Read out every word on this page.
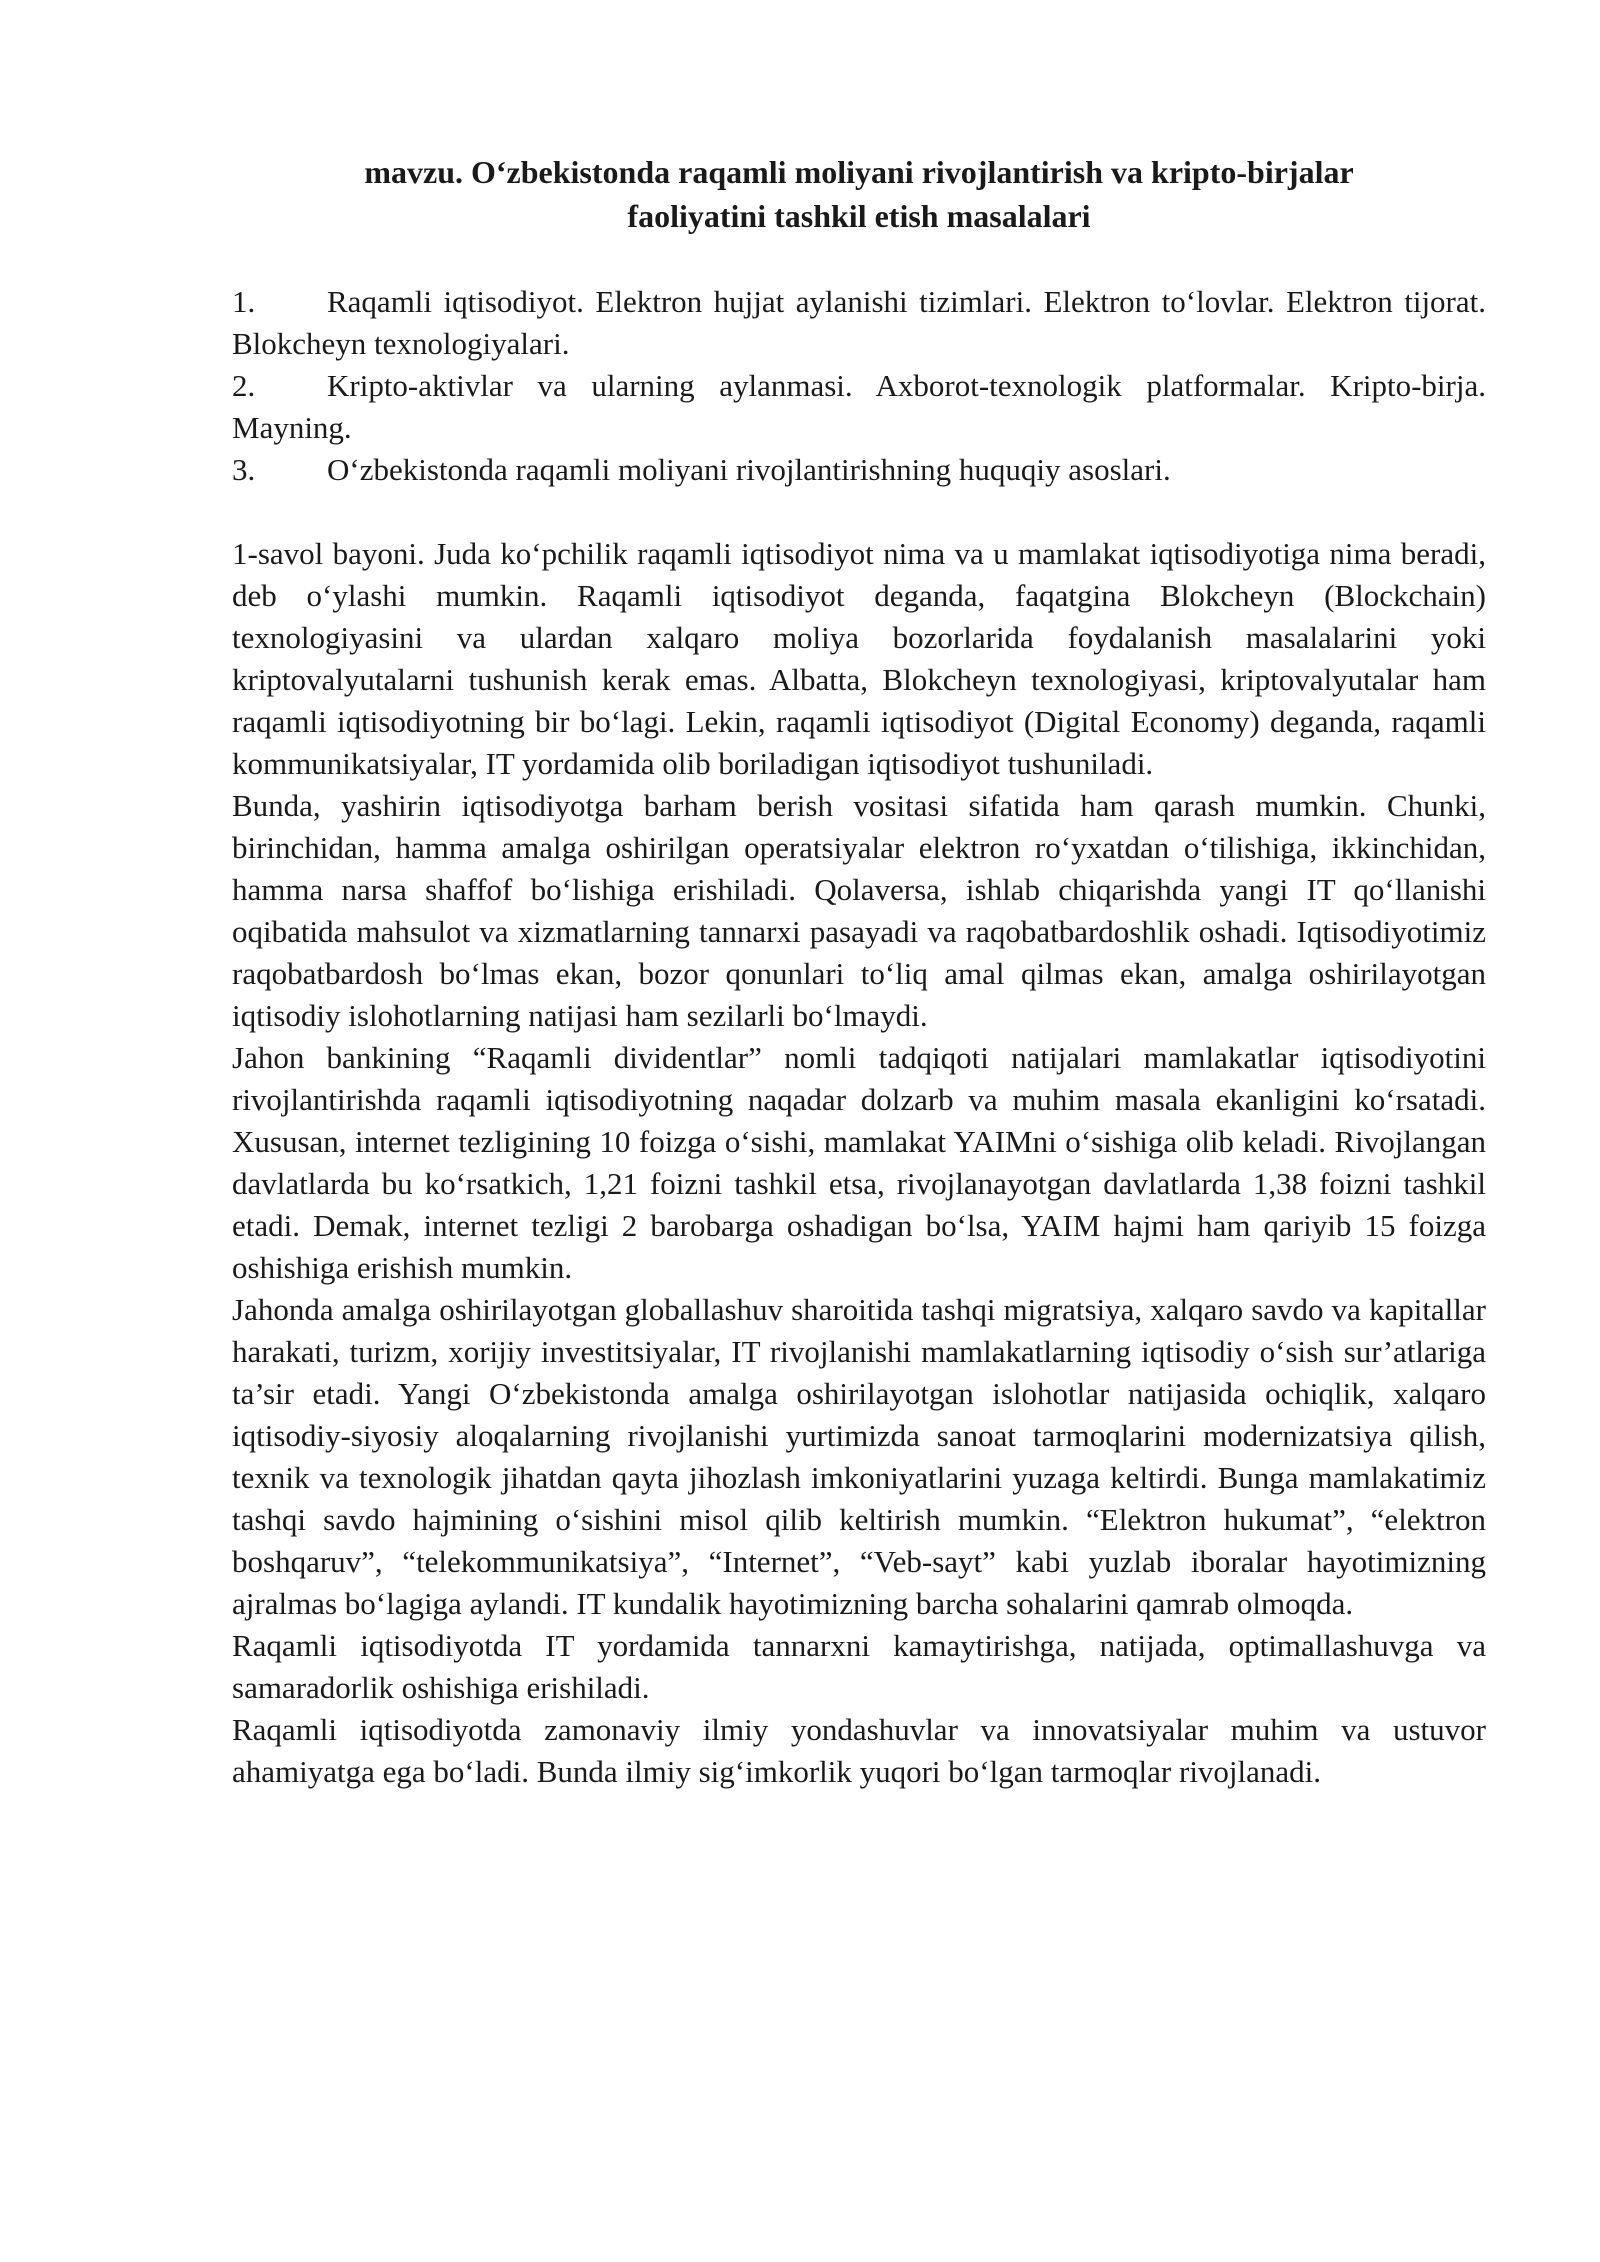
mavzu. O‘zbekistonda raqamli moliyani rivojlantirish va kripto-birjalar
faoliyatini tashkil etish masalalari
1. Raqamli iqtisodiyot. Elektron hujjat aylanishi tizimlari. Elektron to‘lovlar. Elektron tijorat. Blokcheyn texnologiyalari.
2. Kripto-aktivlar va ularning aylanmasi. Axborot-texnologik platformalar. Kripto-birja. Mayning.
3. O‘zbekistonda raqamli moliyani rivojlantirishning huquqiy asoslari.

1-savol bayoni. Juda ko‘pchilik raqamli iqtisodiyot nima va u mamlakat iqtisodiyotiga nima beradi, deb o‘ylashi mumkin. Raqamli iqtisodiyot deganda, faqatgina Blokcheyn (Blockchain) texnologiyasini va ulardan xalqaro moliya bozorlarida foydalanish masalalarini yoki kriptovalyutalarni tushunish kerak emas. Albatta, Blokcheyn texnologiyasi, kriptovalyutalar ham raqamli iqtisodiyotning bir bo‘lagi. Lekin, raqamli iqtisodiyot (Digital Economy) deganda, raqamli kommunikatsiyalar, IT yordamida olib boriladigan iqtisodiyot tushuniladi.

Bunda, yashirin iqtisodiyotga barham berish vositasi sifatida ham qarash mumkin. Chunki, birinchidan, hamma amalga oshirilgan operatsiyalar elektron ro‘yxatdan o‘tilishiga, ikkinchidan, hamma narsa shaffof bo‘lishiga erishiladi. Qolaversa, ishlab chiqarishda yangi IT qo‘llanishi oqibatida mahsulot va xizmatlarning tannarxi pasayadi va raqobatbardoshlik oshadi. Iqtisodiyotimiz raqobatbardosh bo‘lmas ekan, bozor qonunlari to‘liq amal qilmas ekan, amalga oshirilayotgan iqtisodiy islohotlarning natijasi ham sezilarli bo‘lmaydi.

Jahon bankining “Raqamli dividentlar” nomli tadqiqoti natijalari mamlakatlar iqtisodiyotini rivojlantirishda raqamli iqtisodiyotning naqadar dolzarb va muhim masala ekanligini ko‘rsatadi. Xususan, internet tezligining 10 foizga o‘sishi, mamlakat YAIMni o‘sishiga olib keladi. Rivojlangan davlatlarda bu ko‘rsatkich, 1,21 foizni tashkil etsa, rivojlanayotgan davlatlarda 1,38 foizni tashkil etadi. Demak, internet tezligi 2 barobarga oshadigan bo‘lsa, YAIM hajmi ham qariyib 15 foizga oshishiga erishish mumkin.

Jahonda amalga oshirilayotgan globallashuv sharoitida tashqi migratsiya, xalqaro savdo va kapitallar harakati, turizm, xorijiy investitsiyalar, IT rivojlanishi mamlakatlarning iqtisodiy o‘sish sur’atlariga ta’sir etadi. Yangi O‘zbekistonda amalga oshirilayotgan islohotlar natijasida ochiqlik, xalqaro iqtisodiy-siyosiy aloqalarning rivojlanishi yurtimizda sanoat tarmoqlarini modernizatsiya qilish, texnik va texnologik jihatdan qayta jihozlash imkoniyatlarini yuzaga keltirdi. Bunga mamlakatimiz tashqi savdo hajmining o‘sishini misol qilib keltirish mumkin. “Elektron hukumat”, “elektron boshqaruv”, “telekommunikatsiya”, “Internet”, “Veb-sayt” kabi yuzlab iboralar hayotimizning ajralmas bo‘lagiga aylandi. IT kundalik hayotimizning barcha sohalarini qamrab olmoqda.

Raqamli iqtisodiyotda IT yordamida tannarxni kamaytirishga, natijada, optimallashuvga va samaradorlik oshishiga erishiladi.

Raqamli iqtisodiyotda zamonaviy ilmiy yondashuvlar va innovatsiyalar muhim va ustuvor ahamiyatga ega bo‘ladi. Bunda ilmiy sig‘imkorlik yuqori bo‘lgan tarmoqlar rivojlanadi.
